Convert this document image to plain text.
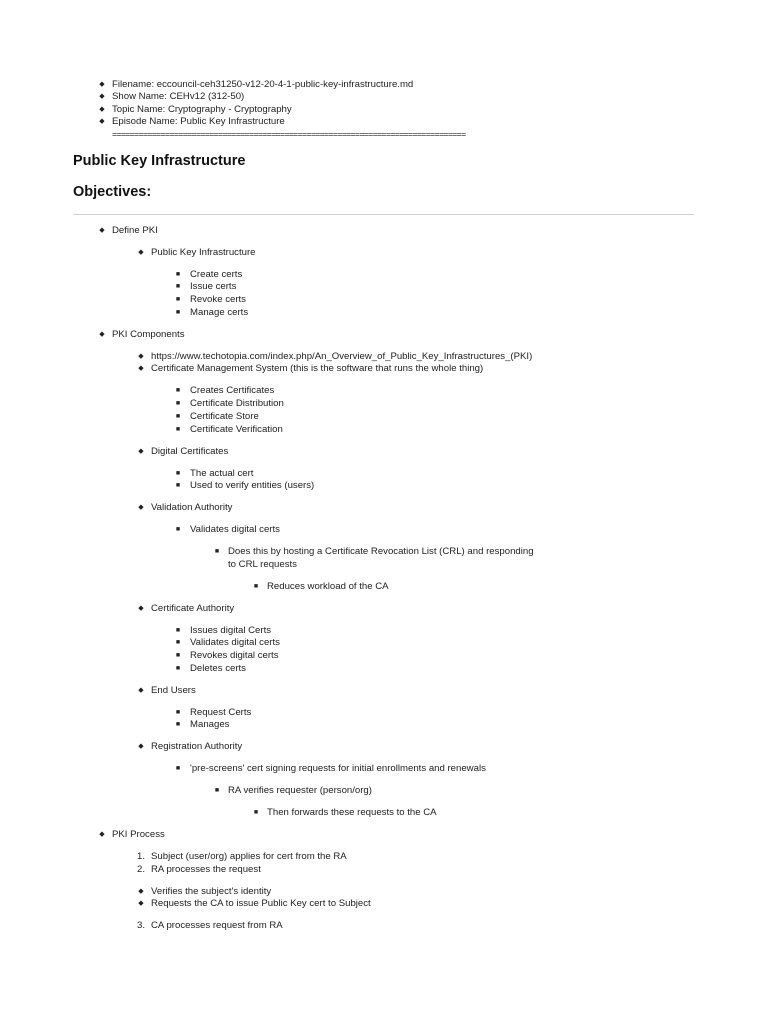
◆ Filename: eccouncil-ceh31250-v12-20-4-1-public-key-infrastructure.md
◆ Show Name: CEHv12 (312-50)
◆ Topic Name: Cryptography - Cryptography
◆ Episode Name: Public Key Infrastructure
================================================================================
Public Key Infrastructure
Objectives:
◆ Define PKI
◆ Public Key Infrastructure
■	Create certs
■	Issue certs
■	Revoke certs
■	Manage certs
◆ PKI Components
◆ https://www.techotopia.com/index.php/An_Overview_of_Public_Key_Infrastructures_(PKI)
◆ Certificate Management System (this is the software that runs the whole thing)
■	Creates Certificates
■	Certificate Distribution
■	Certificate Store
■	Certificate Verification
◆ Digital Certificates
■	The actual cert
■	Used to verify entities (users)
◆ Validation Authority
■	Validates digital certs
■ Does this by hosting a Certificate Revocation List (CRL) and responding
to CRL requests
■ Reduces workload of the CA
◆ Certificate Authority
■	Issues digital Certs
■	Validates digital certs
■	Revokes digital certs
■	Deletes certs
◆ End Users
■	Request Certs
■	Manages
◆ Registration Authority
■	'pre-screens' cert signing requests for initial enrollments and renewals
■ RA verifies requester (person/org)
■ Then forwards these requests to the CA
◆ PKI Process
1. Subject (user/org) applies for cert from the RA
2. RA processes the request
◆ Verifies the subject's identity
◆ Requests the CA to issue Public Key cert to Subject
3. CA processes request from RA
